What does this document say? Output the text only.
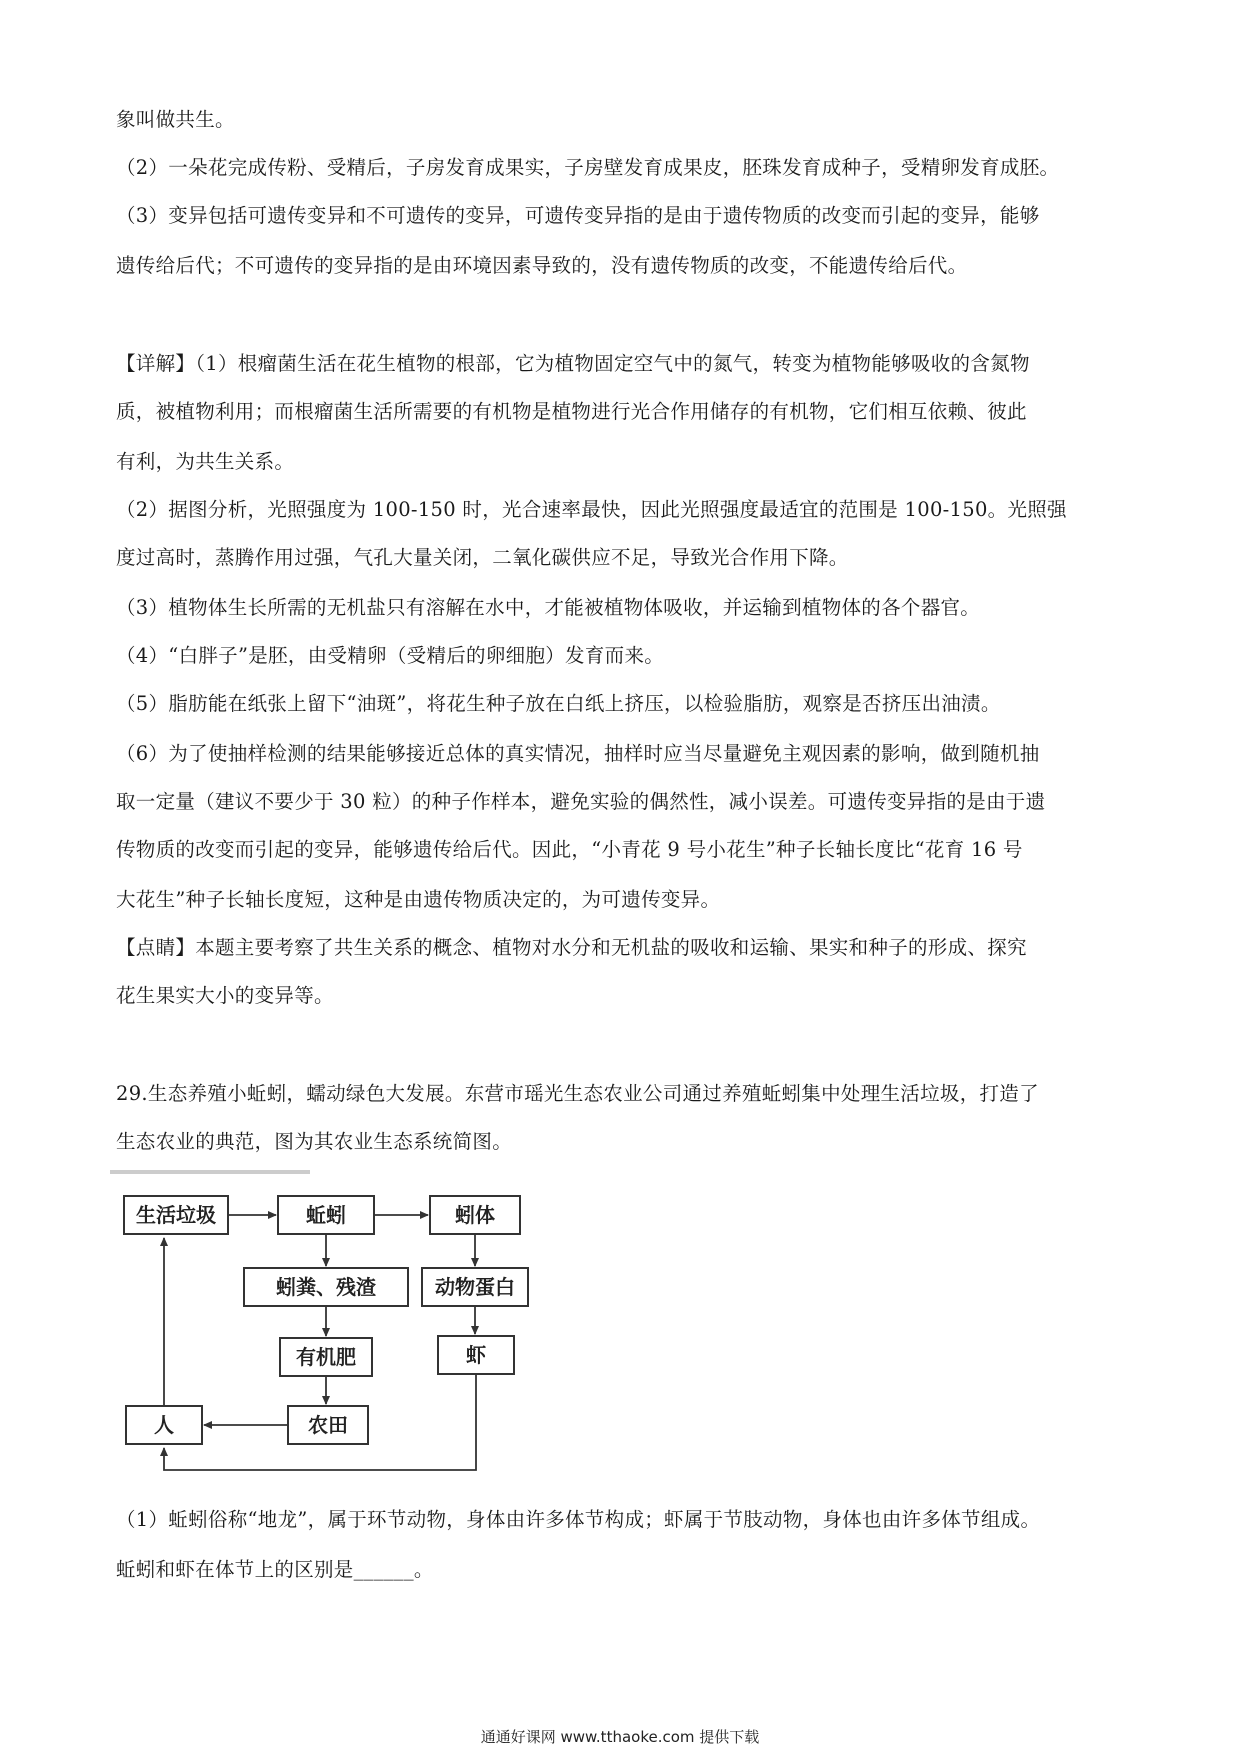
象叫做共生。
（2）一朵花完成传粉、受精后，子房发育成果实，子房壁发育成果皮，胚珠发育成种子，受精卵发育成胚。
（3）变异包括可遗传变异和不可遗传的变异，可遗传变异指的是由于遗传物质的改变而引起的变异，能够
遗传给后代；不可遗传的变异指的是由环境因素导致的，没有遗传物质的改变，不能遗传给后代。
【详解】（1）根瘤菌生活在花生植物的根部，它为植物固定空气中的氮气，转变为植物能够吸收的含氮物
质，被植物利用；而根瘤菌生活所需要的有机物是植物进行光合作用储存的有机物，它们相互依赖、彼此
有利，为共生关系。
（2）据图分析，光照强度为 100-150 时，光合速率最快，因此光照强度最适宜的范围是 100-150。光照强
度过高时，蒸腾作用过强，气孔大量关闭，二氧化碳供应不足，导致光合作用下降。
（3）植物体生长所需的无机盐只有溶解在水中，才能被植物体吸收，并运输到植物体的各个器官。
（4）“白胖子”是胚，由受精卵（受精后的卵细胞）发育而来。
（5）脂肪能在纸张上留下“油斑”，将花生种子放在白纸上挤压，以检验脂肪，观察是否挤压出油渍。
（6）为了使抽样检测的结果能够接近总体的真实情况，抽样时应当尽量避免主观因素的影响，做到随机抽
取一定量（建议不要少于 30 粒）的种子作样本，避免实验的偶然性，减小误差。可遗传变异指的是由于遗
传物质的改变而引起的变异，能够遗传给后代。因此，“小青花 9 号小花生”种子长轴长度比“花育 16 号
大花生”种子长轴长度短，这种是由遗传物质决定的，为可遗传变异。
【点睛】本题主要考察了共生关系的概念、植物对水分和无机盐的吸收和运输、果实和种子的形成、探究
花生果实大小的变异等。
29.生态养殖小蚯蚓，蠕动绿色大发展。东营市瑶光生态农业公司通过养殖蚯蚓集中处理生活垃圾，打造了
生态农业的典范，图为其农业生态系统简图。
生活垃圾	蚯蚓	蚓体
蚓粪、残渣	动物蛋白
有机肥	虾
人	农田
（1）蚯蚓俗称“地龙”，属于环节动物，身体由许多体节构成；虾属于节肢动物，身体也由许多体节组成。
蚯蚓和虾在体节上的区别是______。
通通好课网 www.tthaoke.com 提供下载
